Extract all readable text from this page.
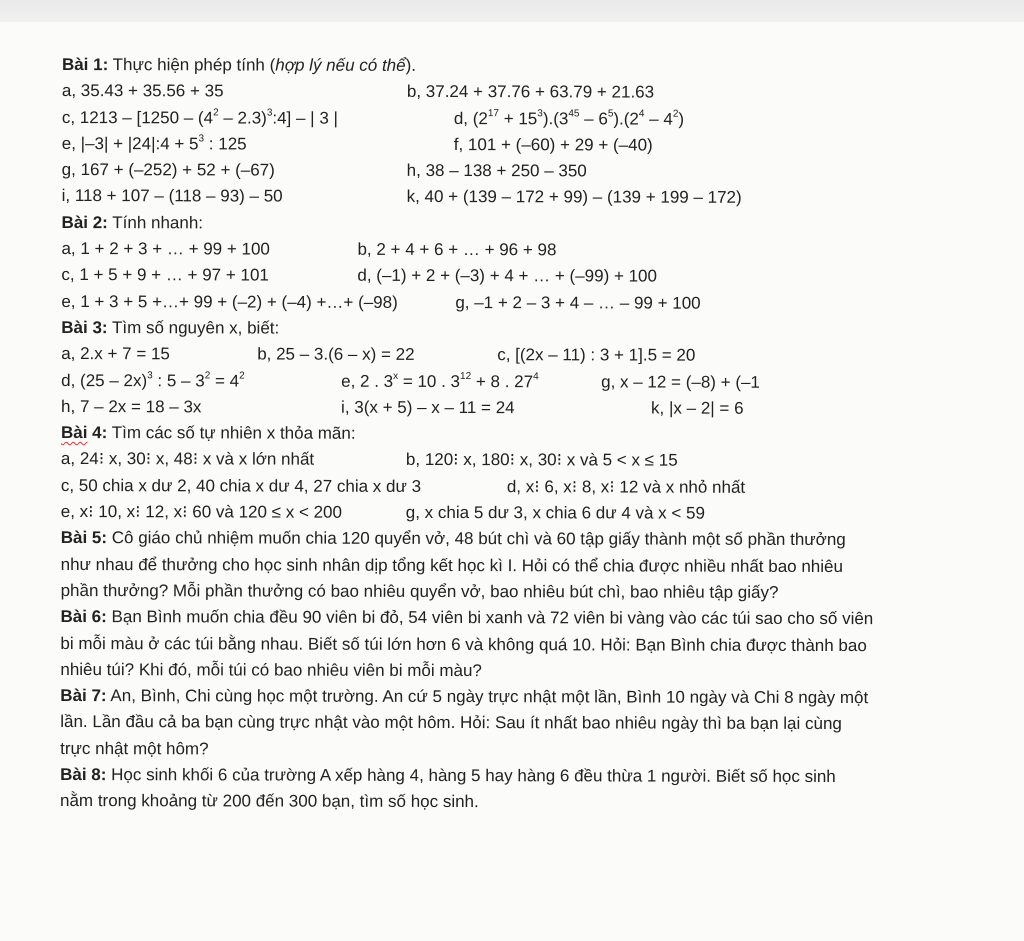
Bài 1: Thực hiện phép tính (hợp lý nếu có thể).
a, 35.43 + 35.56 + 35	b, 37.24 + 37.76 + 63.79 + 21.63
c, $1213 - [1250 - (4^2$ – 2.3)$^3$:4] – | 3 |	d, $(2^{17} + 15^3).(3^{45} - 6^5).(2^4 - 4^2)$
e, |–3| + |24|:4 + $5^3$ : 125	f, 101 + (–60) + 29 + (–40)
g, 167 + (–252) + 52 + (–67)	h, 38 – 138 + 250 – 350
i, 118 + 107 – (118 – 93) – 50	k, 40 + (139 – 172 + 99) – (139 + 199 – 172)
Bài 2: Tính nhanh:
a, 1 + 2 + 3 + … + 99 + 100	b, 2 + 4 + 6 + … + 96 + 98
c, 1 + 5 + 9 + … + 97 + 101	d, (–1) + 2 + (–3) + 4 + … + (–99) + 100
e, 1 + 3 + 5 +…+ 99 + (–2) + (–4) +…+ (–98)	g, –1 + 2 – 3 + 4 – … – 99 + 100
Bài 3: Tìm số nguyên x, biết:
a, 2.x + 7 = 15	b, 25 – 3.(6 – x) = 22	c, [(2x – 11) : 3 + 1].5 = 20
d, (25 – 2x)$^3$ : $5 - 3^2 = 4^2$	e, 2 . $3^x = 10$ . $3^{12} + 8$ . $27^4$	g, x – 12 = (–8) + (–1
h, 7 – 2x = 18 – 3x	i, 3(x + 5) – x – 11 = 24	k, |x – 2| = 6
Bài 4: Tìm các số tự nhiên x thỏa mãn:
a, 24⁝ x, 30⁝ x, 48⁝ x và x lớn nhất	b, 120⁝ x, 180⁝ x, 30⁝ x và 5 < x ≤ 15
c, 50 chia x dư 2, 40 chia x dư 4, 27 chia x dư 3	d, x⁝ 6, x⁝ 8, x⁝ 12 và x nhỏ nhất
e, x⁝ 10, x⁝ 12, x⁝ 60 và 120 ≤ x < 200	g, x chia 5 dư 3, x chia 6 dư 4 và x < 59
Bài 5: Cô giáo chủ nhiệm muốn chia 120 quyển vở, 48 bút chì và 60 tập giấy thành một số phần thưởng
như nhau để thưởng cho học sinh nhân dịp tổng kết học kì I. Hỏi có thể chia được nhiều nhất bao nhiêu
phần thưởng? Mỗi phần thưởng có bao nhiêu quyển vở, bao nhiêu bút chì, bao nhiêu tập giấy?
Bài 6: Bạn Bình muốn chia đều 90 viên bi đỏ, 54 viên bi xanh và 72 viên bi vàng vào các túi sao cho số viên
bi mỗi màu ở các túi bằng nhau. Biết số túi lớn hơn 6 và không quá 10. Hỏi: Bạn Bình chia được thành bao
nhiêu túi? Khi đó, mỗi túi có bao nhiêu viên bi mỗi màu?
Bài 7: An, Bình, Chi cùng học một trường. An cứ 5 ngày trực nhật một lần, Bình 10 ngày và Chi 8 ngày một
lần. Lần đầu cả ba bạn cùng trực nhật vào một hôm. Hỏi: Sau ít nhất bao nhiêu ngày thì ba bạn lại cùng
trực nhật một hôm?
Bài 8: Học sinh khối 6 của trường A xếp hàng 4, hàng 5 hay hàng 6 đều thừa 1 người. Biết số học sinh
nằm trong khoảng từ 200 đến 300 bạn, tìm số học sinh.
